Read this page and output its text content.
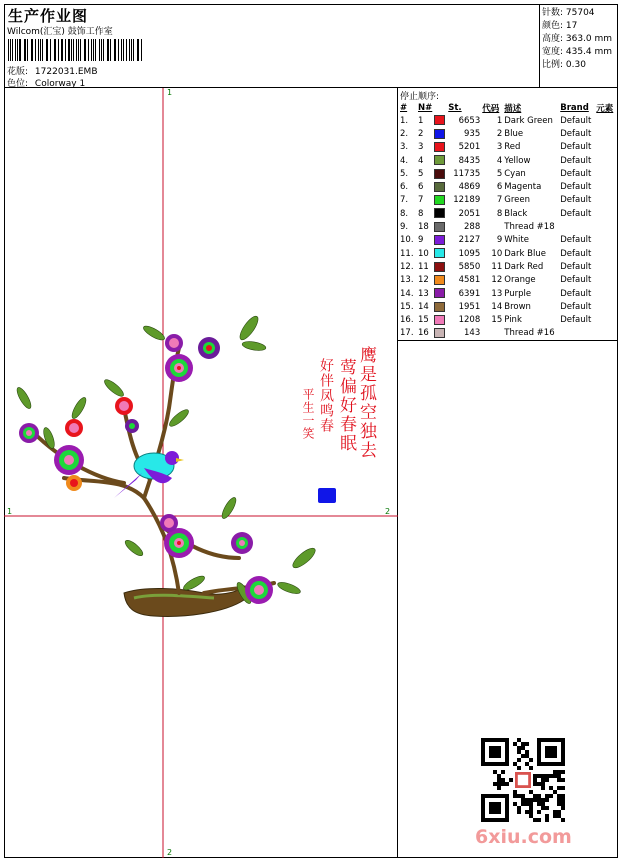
生产作业图
Wilcom(汇宝) 鼓饰工作室
花版: 1722031.EMB
色位: Colorway 1
针数: 75704
颜色: 17
高度: 363.0 mm
宽度: 435.4 mm
比例: 0.30
鹰是孤空独去
莺偏好春眠
好伴凤鸣春
平生一笑
1
2
1	2
停止顺序:
#	N#		St.	代码	描述	Brand	元素
1.	1		6653	1	Dark Green	Default	
2.	2		935	2	Blue	Default	
3.	3		5201	3	Red	Default	
4.	4		8435	4	Yellow	Default	
5.	5		11735	5	Cyan	Default	
6.	6		4869	6	Magenta	Default	
7.	7		12189	7	Green	Default	
8.	8		2051	8	Black	Default	
9.	18		288		Thread #18		
10.	9		2127	9	White	Default	
11.	10		1095	10	Dark Blue	Default	
12.	11		5850	11	Dark Red	Default	
13.	12		4581	12	Orange	Default	
14.	13		6391	13	Purple	Default	
15.	14		1951	14	Brown	Default	
16.	15		1208	15	Pink	Default	
17.	16		143		Thread #16		
6xiu.com
